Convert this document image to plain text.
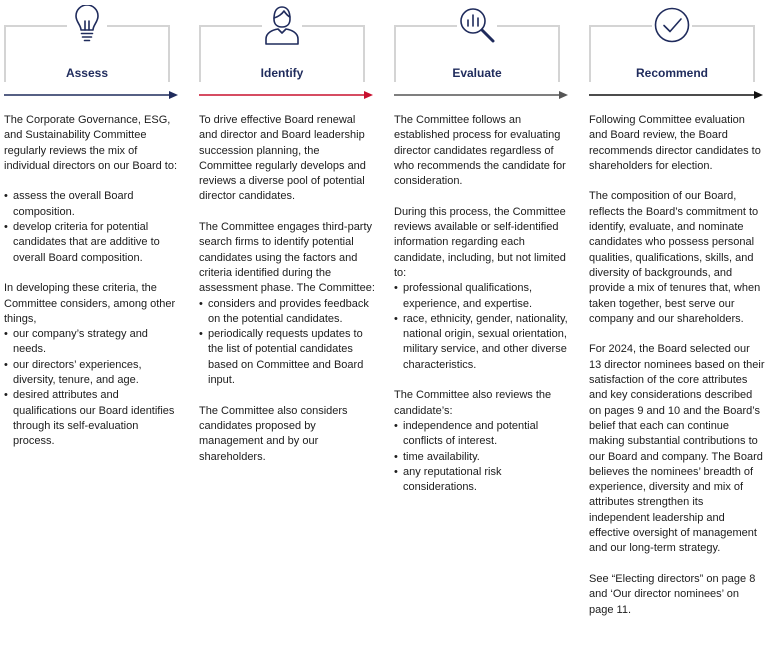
Assess

The Corporate Governance, ESG, and Sustainability Committee regularly reviews the mix of individual directors on our Board to:

• assess the overall Board composition.
• develop criteria for potential candidates that are additive to overall Board composition.

In developing these criteria, the Committee considers, among other things,

• our company’s strategy and needs.
• our directors’ experiences, diversity, tenure, and age.
• desired attributes and qualifications our Board identifies through its self-evaluation process.
Identify

To drive effective Board renewal and director and Board leadership succession planning, the Committee regularly develops and reviews a diverse pool of potential director candidates.

The Committee engages third-party search firms to identify potential candidates using the factors and criteria identified during the assessment phase. The Committee:

• considers and provides feedback on the potential candidates.
• periodically requests updates to the list of potential candidates based on Committee and Board input.

The Committee also considers candidates proposed by management and by our shareholders.

Evaluate

The Committee follows an established process for evaluating director candidates regardless of who recommends the candidate for consideration.

During this process, the Committee reviews available or self-identified information regarding each candidate, including, but not limited to:

• professional qualifications, experience, and expertise.
• race, ethnicity, gender, nationality, national origin, sexual orientation, military service, and other diverse characteristics.

The Committee also reviews the candidate’s:

• independence and potential conflicts of interest.
• time availability.
• any reputational risk considerations.
Recommend

Following Committee evaluation and Board review, the Board recommends director candidates to shareholders for election.

The composition of our Board, reflects the Board’s commitment to identify, evaluate, and nominate candidates who possess personal qualities, qualifications, skills, and diversity of backgrounds, and provide a mix of tenures that, when taken together, best serve our company and our shareholders.

For 2024, the Board selected our 13 director nominees based on their satisfaction of the core attributes and key considerations described on pages 9 and 10 and the Board’s belief that each can continue making substantial contributions to our Board and company. The Board believes the nominees’ breadth of experience, diversity and mix of attributes strengthen its independent leadership and effective oversight of management and our long-term strategy.

See “Electing directors” on page 8 and ‘Our director nominees’ on page 11.
